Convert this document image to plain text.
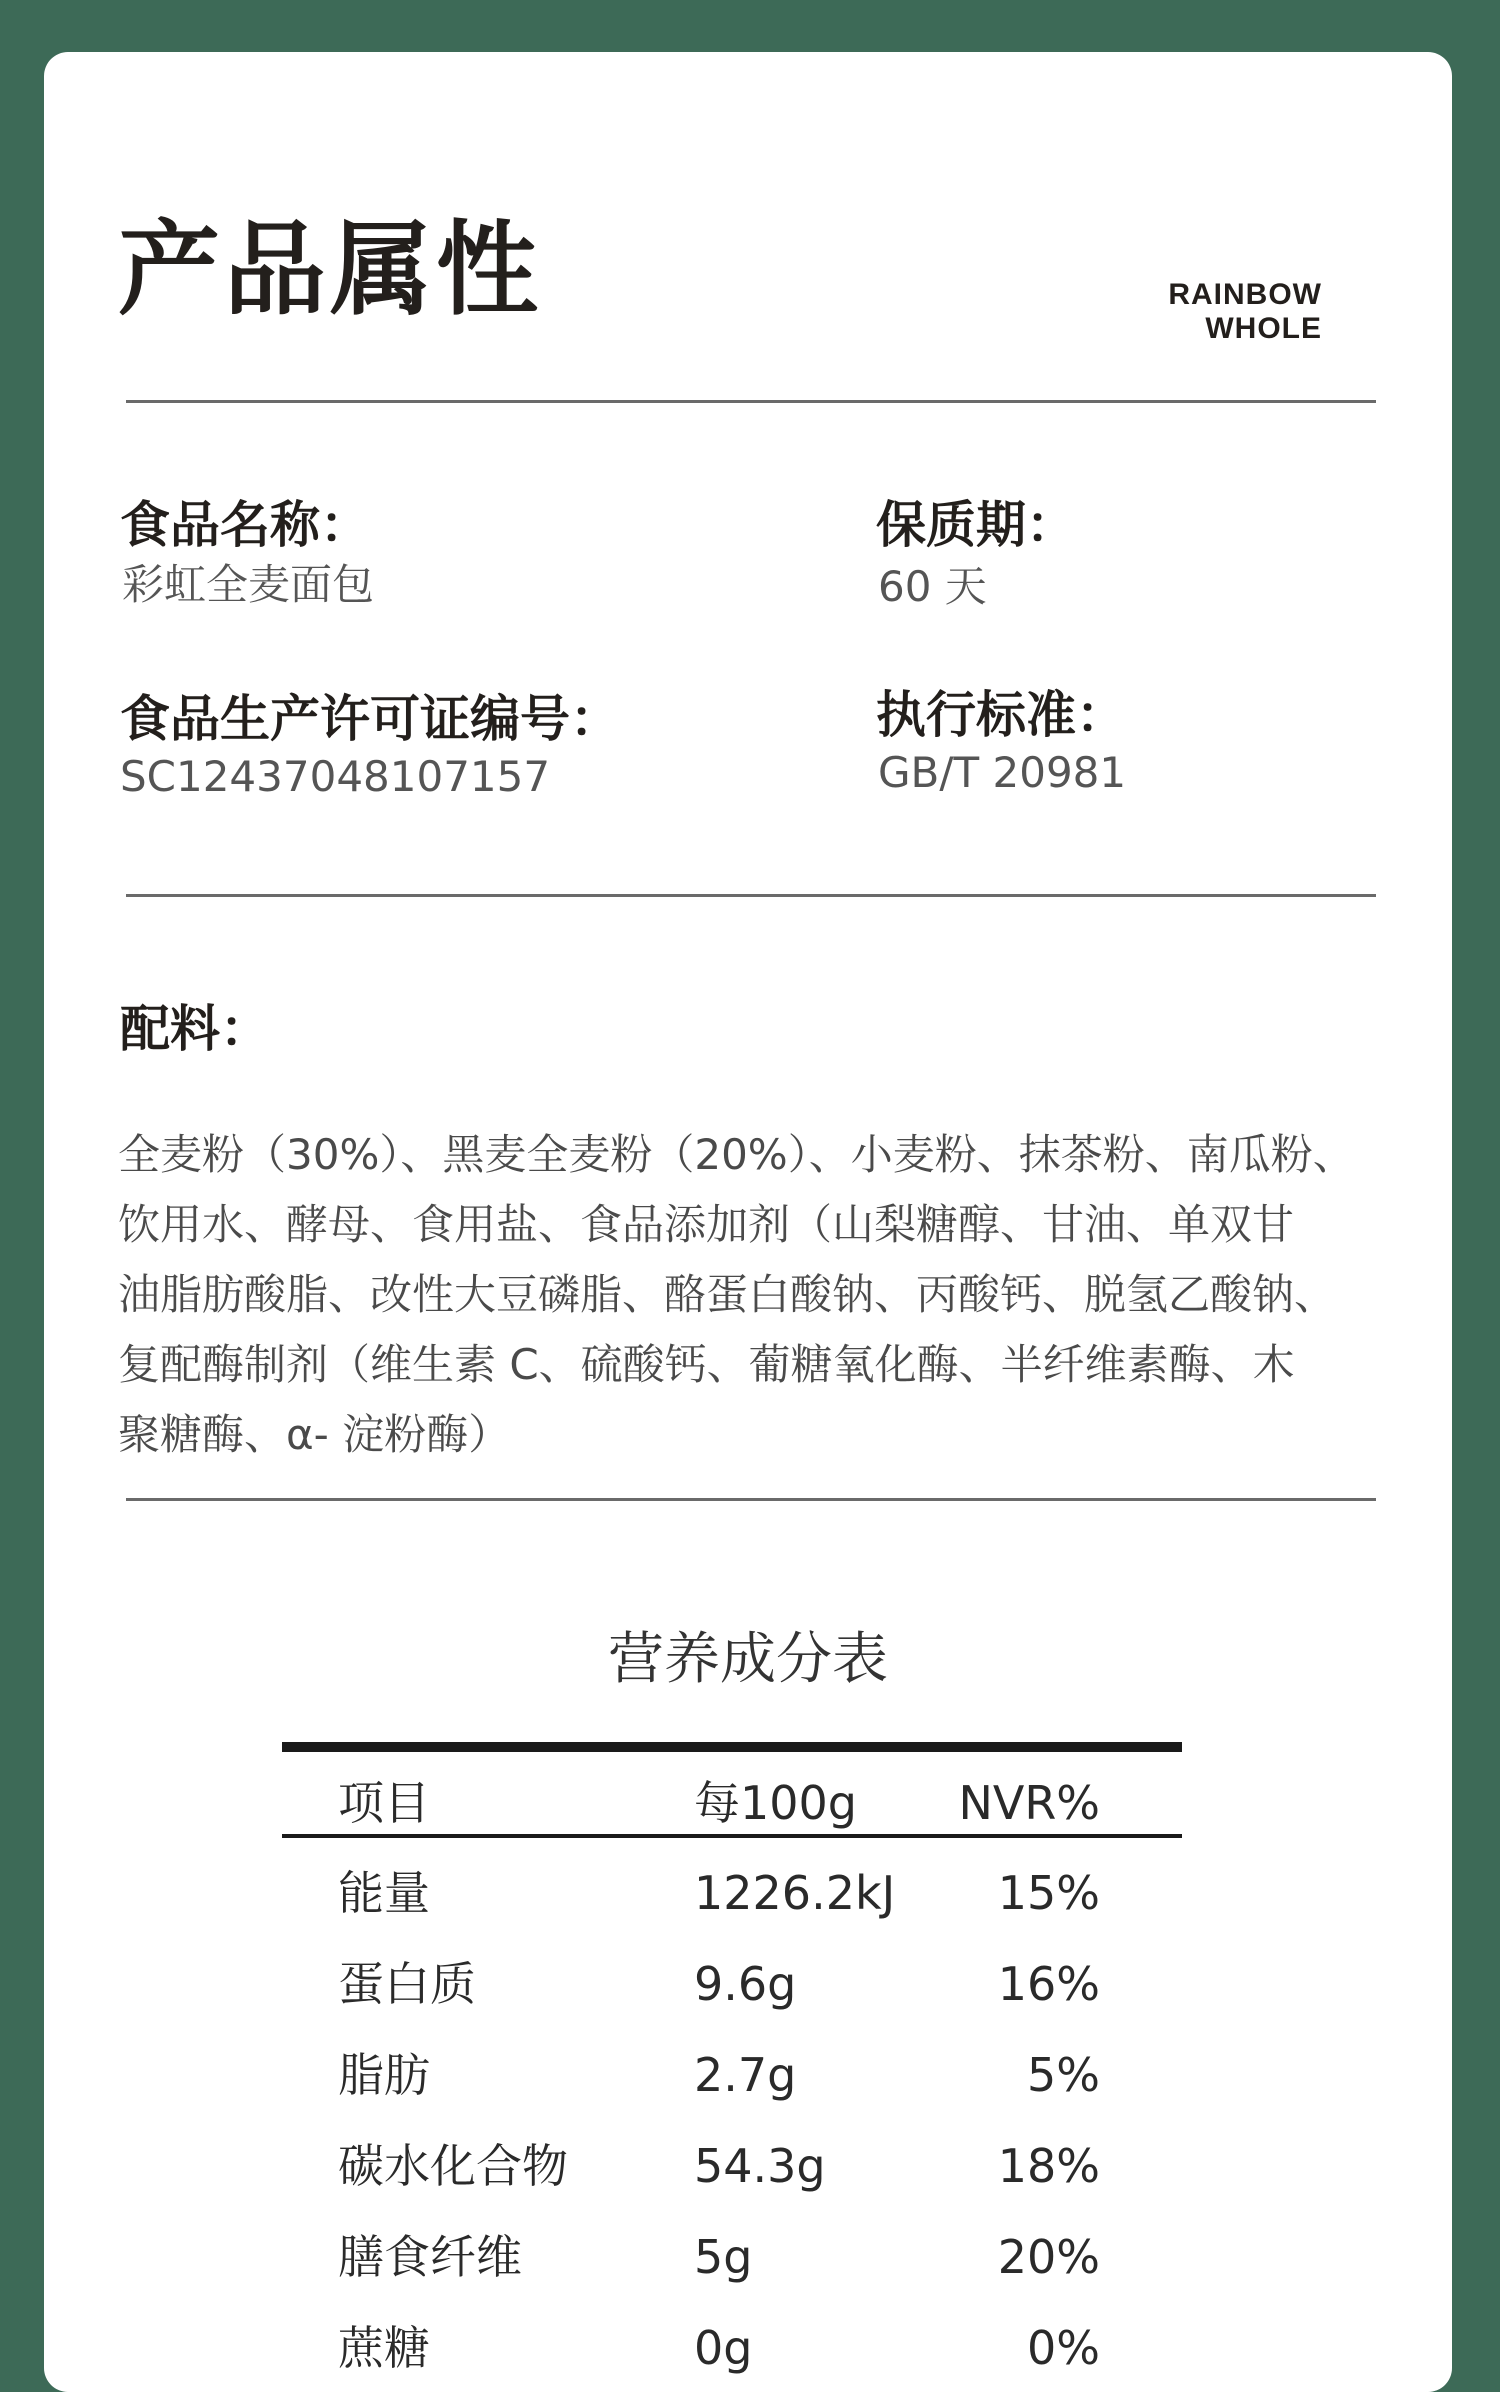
产品属性	RAINBOW
WHOLE
食品名称：
彩虹全麦面包
保质期：
60 天
食品生产许可证编号：
SC12437048107157
执行标准：
GB/T 20981
配料：

全麦粉（30%）、黑麦全麦粉（20%）、小麦粉、抹茶粉、南瓜粉、

饮用水、酵母、食用盐、食品添加剂（山梨糖醇、甘油、单双甘

油脂肪酸脂、改性大豆磷脂、酪蛋白酸钠、丙酸钙、脱氢乙酸钠、

复配酶制剂（维生素 C、硫酸钙、葡糖氧化酶、半纤维素酶、木

聚糖酶、α- 淀粉酶）

营养成分表
项目	每100g NVR%
能量	1226.2kJ	15%
蛋白质	9.6g	16%
脂肪	2.7g	5%
碳水化合物	54.3g	18%
膳食纤维	5g	20%
蔗糖	0g	0%
